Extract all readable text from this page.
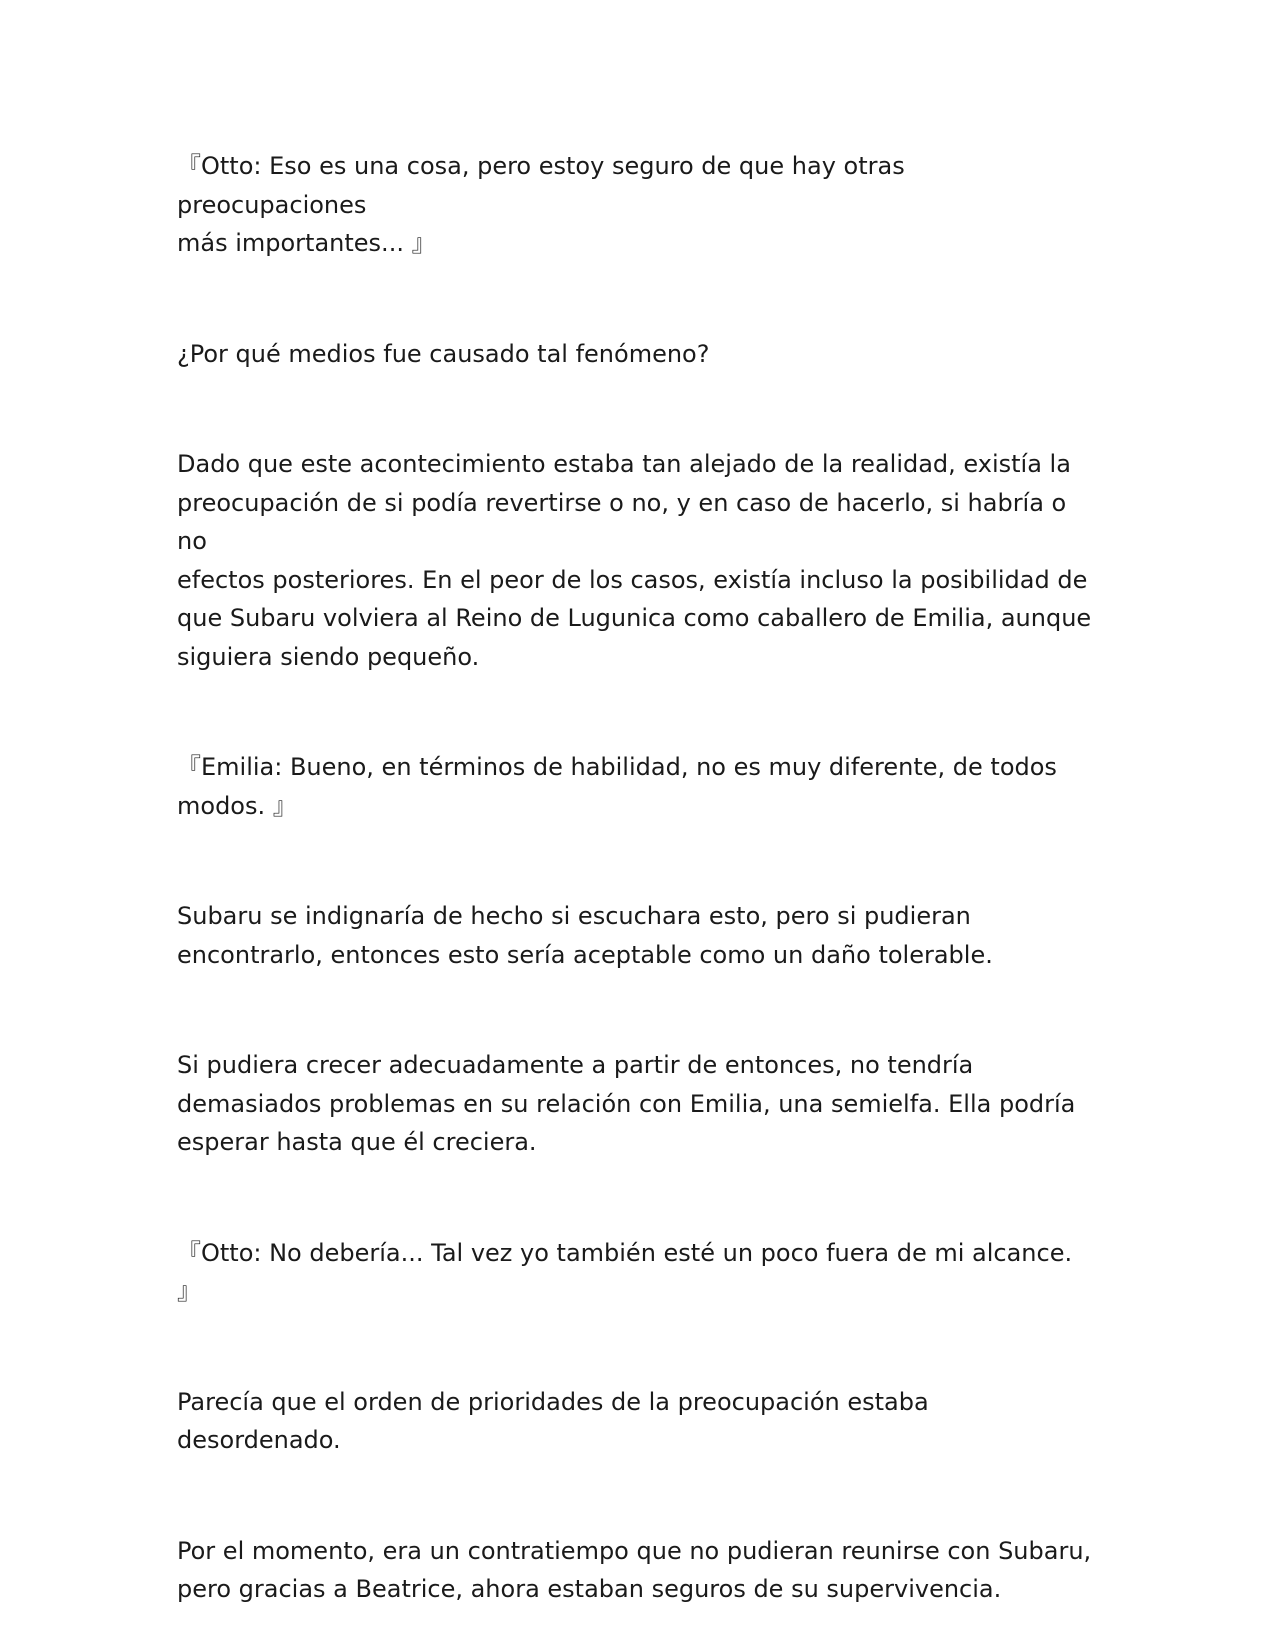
『Otto: Eso es una cosa, pero estoy seguro de que hay otras preocupaciones
más importantes... 』

¿Por qué medios fue causado tal fenómeno?

Dado que este acontecimiento estaba tan alejado de la realidad, existía la
preocupación de si podía revertirse o no, y en caso de hacerlo, si habría o no
efectos posteriores. En el peor de los casos, existía incluso la posibilidad de
que Subaru volviera al Reino de Lugunica como caballero de Emilia, aunque
siguiera siendo pequeño.

『Emilia: Bueno, en términos de habilidad, no es muy diferente, de todos
modos. 』

Subaru se indignaría de hecho si escuchara esto, pero si pudieran
encontrarlo, entonces esto sería aceptable como un daño tolerable.

Si pudiera crecer adecuadamente a partir de entonces, no tendría
demasiados problemas en su relación con Emilia, una semielfa. Ella podría
esperar hasta que él creciera.

『Otto: No debería... Tal vez yo también esté un poco fuera de mi alcance.
』

Parecía que el orden de prioridades de la preocupación estaba desordenado.

Por el momento, era un contratiempo que no pudieran reunirse con Subaru,
pero gracias a Beatrice, ahora estaban seguros de su supervivencia.
